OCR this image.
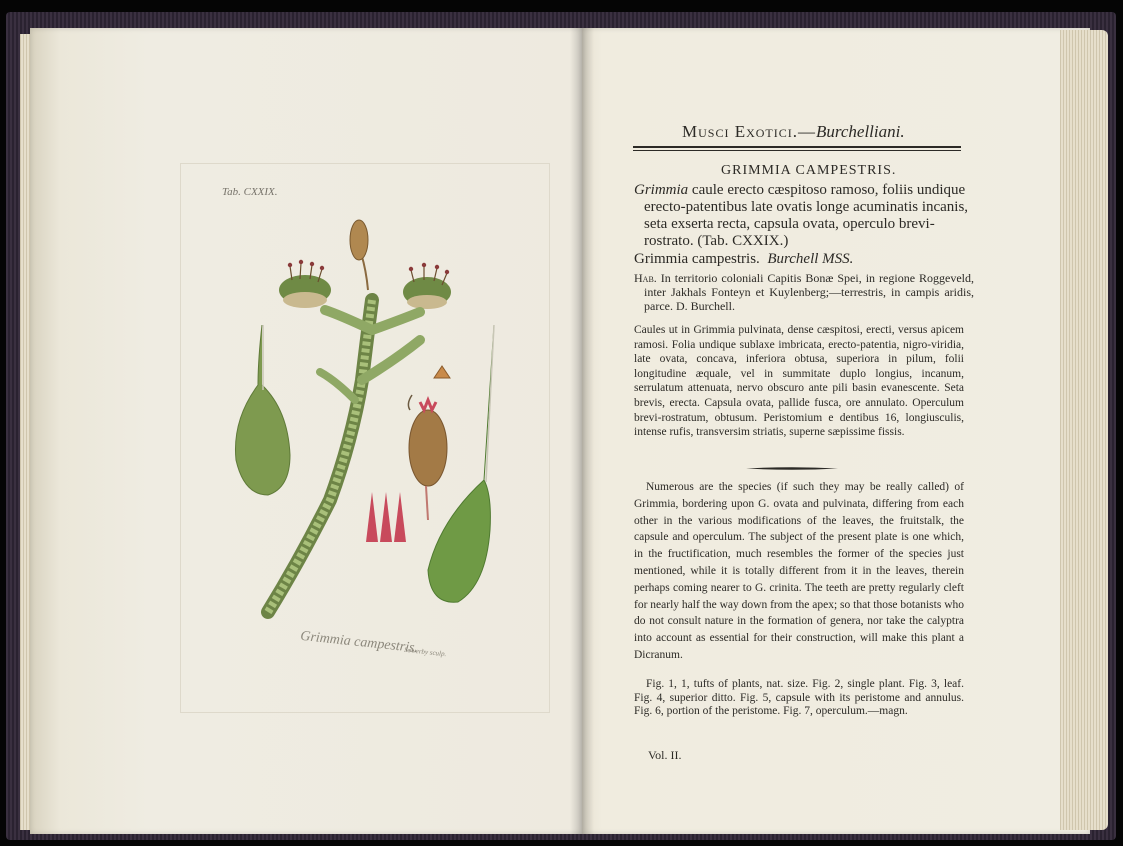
Tab. CXXIX.
Grimmia campestris.
Sowerby sculp.
Musci Exotici.—Burchelliani.
GRIMMIA CAMPESTRIS.
Grimmia caule erecto cæspitoso ramoso, foliis undique erecto-patentibus late ovatis longe acuminatis incanis, seta exserta recta, capsula ovata, operculo brevi-rostrato. (Tab. CXXIX.)
Grimmia campestris. Burchell MSS.
Hab. In territorio coloniali Capitis Bonæ Spei, in regione Roggeveld, inter Jakhals Fonteyn et Kuylenberg;—terrestris, in campis aridis, parce. D. Burchell.
Caules ut in Grimmia pulvinata, dense cæspitosi, erecti, versus apicem ramosi. Folia undique sublaxe imbricata, erecto-patentia, nigro-viridia, late ovata, concava, inferiora obtusa, superiora in pilum, folii longitudine æquale, vel in summitate duplo longius, incanum, serrulatum attenuata, nervo obscuro ante pili basin evanescente. Seta brevis, erecta. Capsula ovata, pallide fusca, ore annulato. Operculum brevi-rostratum, obtusum. Peristomium e dentibus 16, longiusculis, intense rufis, transversim striatis, superne sæpissime fissis.
Numerous are the species (if such they may be really called) of Grimmia, bordering upon G. ovata and pulvinata, differing from each other in the various modifications of the leaves, the fruitstalk, the capsule and operculum. The subject of the present plate is one which, in the fructification, much resembles the former of the species just mentioned, while it is totally different from it in the leaves, therein perhaps coming nearer to G. crinita. The teeth are pretty regularly cleft for nearly half the way down from the apex; so that those botanists who do not consult nature in the formation of genera, nor take the calyptra into account as essential for their construction, will make this plant a Dicranum.
Fig. 1, 1, tufts of plants, nat. size. Fig. 2, single plant. Fig. 3, leaf. Fig. 4, superior ditto. Fig. 5, capsule with its peristome and annulus. Fig. 6, portion of the peristome. Fig. 7, operculum.—magn.
Vol. II.
